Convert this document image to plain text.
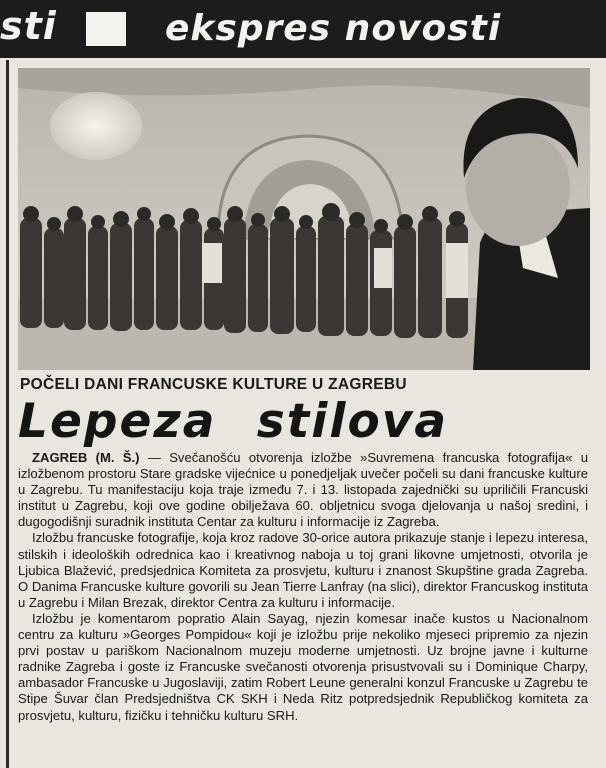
sti	ekspres novosti
POČELI DANI FRANCUSKE KULTURE U ZAGREBU
Lepeza stilova

ZAGREB (M. Š.) — Svečanošću otvorenja izložbe »Suvremena francuska fotografija« u izložbenom prostoru Stare gradske vijećnice u ponedjeljak uvečer počeli su dani francuske kulture u Zagrebu. Tu manifestaciju koja traje između 7. i 13. listopada zajednički su upriličili Francuski institut u Zagrebu, koji ove godine obilježava 60. obljetnicu svoga djelovanja u našoj sredini, i dugogodišnji suradnik instituta Centar za kulturu i informacije iz Zagreba.

Izložbu francuske fotografije, koja kroz radove 30-orice autora prikazuje stanje i lepezu interesa, stilskih i ideoloških odrednica kao i kreativnog naboja u toj grani likovne umjetnosti, otvorila je Ljubica Blažević, predsjednica Komiteta za prosvjetu, kulturu i znanost Skupštine grada Zagreba. O Danima Francuske kulture govorili su Jean Tierre Lanfray (na slici), direktor Francuskog instituta u Zagrebu i Milan Brezak, direktor Centra za kulturu i informacije.

Izložbu je komentarom popratio Alain Sayag, njezin komesar inače kustos u Nacionalnom centru za kulturu »Georges Pompidou« koji je izložbu prije nekoliko mjeseci pripremio za njezin prvi postav u pariškom Nacionalnom muzeju moderne umjetnosti. Uz brojne javne i kulturne radnike Zagreba i goste iz Francuske svečanosti otvorenja prisustvovali su i Dominique Charpy, ambasador Francuske u Jugoslaviji, zatim Robert Leune generalni konzul Francuske u Zagrebu te Stipe Šuvar član Predsjedništva CK SKH i Neda Ritz potpredsjednik Republičkog komiteta za prosvjetu, kulturu, fizičku i tehničku kulturu SRH.
